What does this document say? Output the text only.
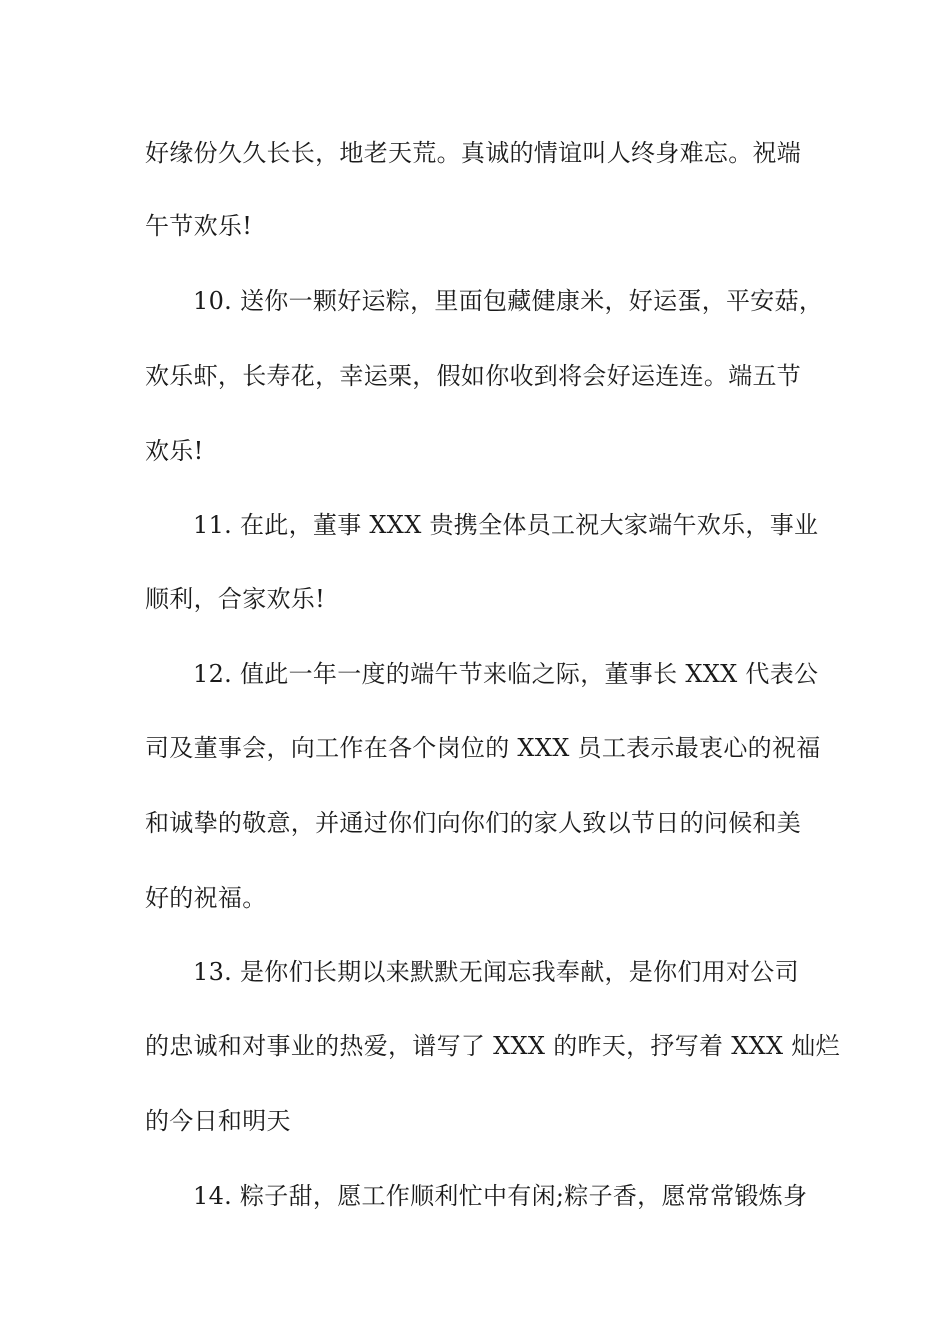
好缘份久久长长，地老天荒。真诚的情谊叫人终身难忘。祝端
午节欢乐!
10. 送你一颗好运粽，里面包藏健康米，好运蛋，平安菇，
欢乐虾，长寿花，幸运栗，假如你收到将会好运连连。端五节
欢乐!
11. 在此，董事 XXX 贵携全体员工祝大家端午欢乐，事业
顺利，合家欢乐!
12. 值此一年一度的端午节来临之际，董事长 XXX 代表公
司及董事会，向工作在各个岗位的 XXX 员工表示最衷心的祝福
和诚挚的敬意，并通过你们向你们的家人致以节日的问候和美
好的祝福。
13. 是你们长期以来默默无闻忘我奉献，是你们用对公司
的忠诚和对事业的热爱，谱写了 XXX 的昨天，抒写着 XXX 灿烂
的今日和明天
14. 粽子甜，愿工作顺利忙中有闲;粽子香，愿常常锻炼身
